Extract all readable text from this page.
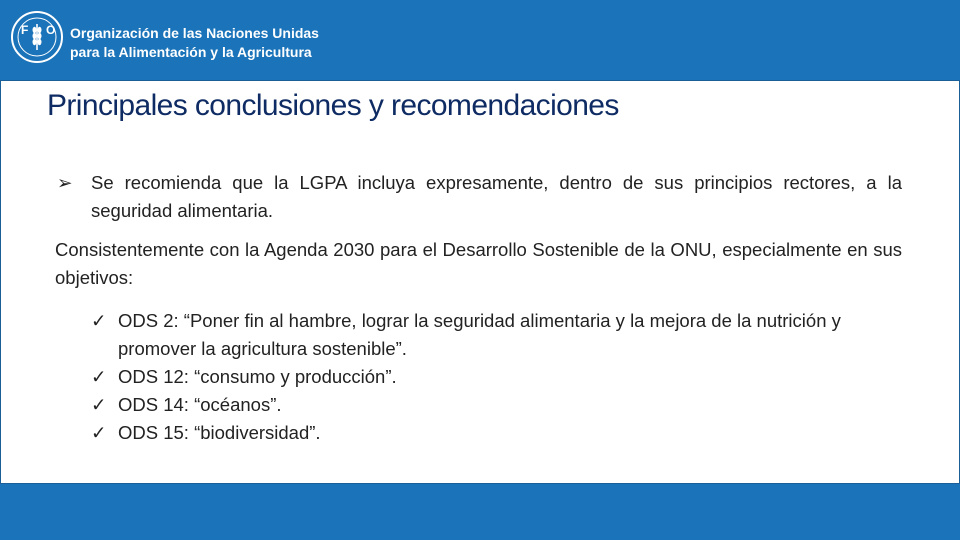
F O Organización de las Naciones Unidas
para la Alimentación y la Agricultura
Principales conclusiones y recomendaciones
➢ Se recomienda que la LGPA incluya expresamente, dentro de sus principios rectores, a la seguridad alimentaria.
Consistentemente con la Agenda 2030 para el Desarrollo Sostenible de la ONU, especialmente en sus objetivos:
✓ ODS 2: “Poner fin al hambre, lograr la seguridad alimentaria y la mejora de la nutrición y promover la agricultura sostenible”.
✓ ODS 12: “consumo y producción”.
✓ ODS 14: “océanos”.
✓ ODS 15: “biodiversidad”.
